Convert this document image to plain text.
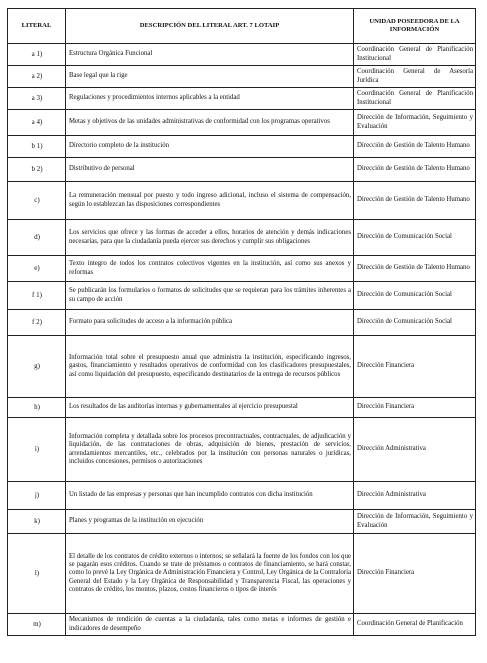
LITERAL	DESCRIPCIÓN DEL LITERAL ART. 7 LOTAIP	UNIDAD POSEEDORA DE LA INFORMACIÓN
a 1)	Estructura Orgánica Funcional	Coordinación General de Planificación Institucional
a 2)	Base legal que la rige	Coordinación General de Asesoría Jurídica
a 3)	Regulaciones y procedimientos internos aplicables a la entidad	Coordinación General de Planificación Institucional
a 4)	Metas y objetivos de las unidades administrativas de conformidad con los programas operativos	Dirección de Información, Seguimiento y Evaluación
b 1)	Directorio completo de la institución	Dirección de Gestión de Talento Humano
b 2)	Distributivo de personal	Dirección de Gestión de Talento Humano
c)	La remuneración mensual por puesto y todo ingreso adicional, incluso el sistema de compensación, según lo establezcan las disposiciones correspondientes	Dirección de Gestión de Talento Humano
d)	Los servicios que ofrece y las formas de acceder a ellos, horarios de atención y demás indicaciones necesarias, para que la ciudadanía pueda ejercer sus derechos y cumplir sus obligaciones	Dirección de Comunicación Social
e)	Texto íntegro de todos los contratos colectivos vigentes en la institución, así como sus anexos y reformas	Dirección de Gestión de Talento Humano
f 1)	Se publicarán los formularios o formatos de solicitudes que se requieran para los trámites inherentes a su campo de acción	Dirección de Comunicación Social
f 2)	Formato para solicitudes de acceso a la información pública	Dirección de Comunicación Social
g)	Información total sobre el presupuesto anual que administra la institución, especificando ingresos, gastos, financiamiento y resultados operativos de conformidad con los clasificadores presupuestales, así como liquidación del presupuesto, especificando destinatarios de la entrega de recursos públicos	Dirección Financiera
h)	Los resultados de las auditorías internas y gubernamentales al ejercicio presupuestal	Dirección Financiera
i)	Información completa y detallada sobre los procesos precontractuales, contractuales, de adjudicación y liquidación, de las contrataciones de obras, adquisición de bienes, prestación de servicios, arrendamientos mercantiles, etc., celebrados por la institución con personas naturales o jurídicas, incluidos concesiones, permisos o autorizaciones	Dirección Administrativa
j)	Un listado de las empresas y personas que han incumplido contratos con dicha institución	Dirección Administrativa
k)	Planes y programas de la institución en ejecución	Dirección de Información, Seguimiento y Evaluación
l)	El detalle de los contratos de crédito externos o internos; se señalará la fuente de los fondos con los que se pagarán esos créditos. Cuando se trate de préstamos o contratos de financiamiento, se hará constar, como lo prevé la Ley Orgánica de Administración Financiera y Control, Ley Orgánica de la Contraloría General del Estado y la Ley Orgánica de Responsabilidad y Transparencia Fiscal, las operaciones y contratos de crédito, los montos, plazos, costos financieros o tipos de interés	Dirección Financiera
m)	Mecanismos de rendición de cuentas a la ciudadanía, tales como metas e informes de gestión e indicadores de desempeño	Coordinación General de Planificación
